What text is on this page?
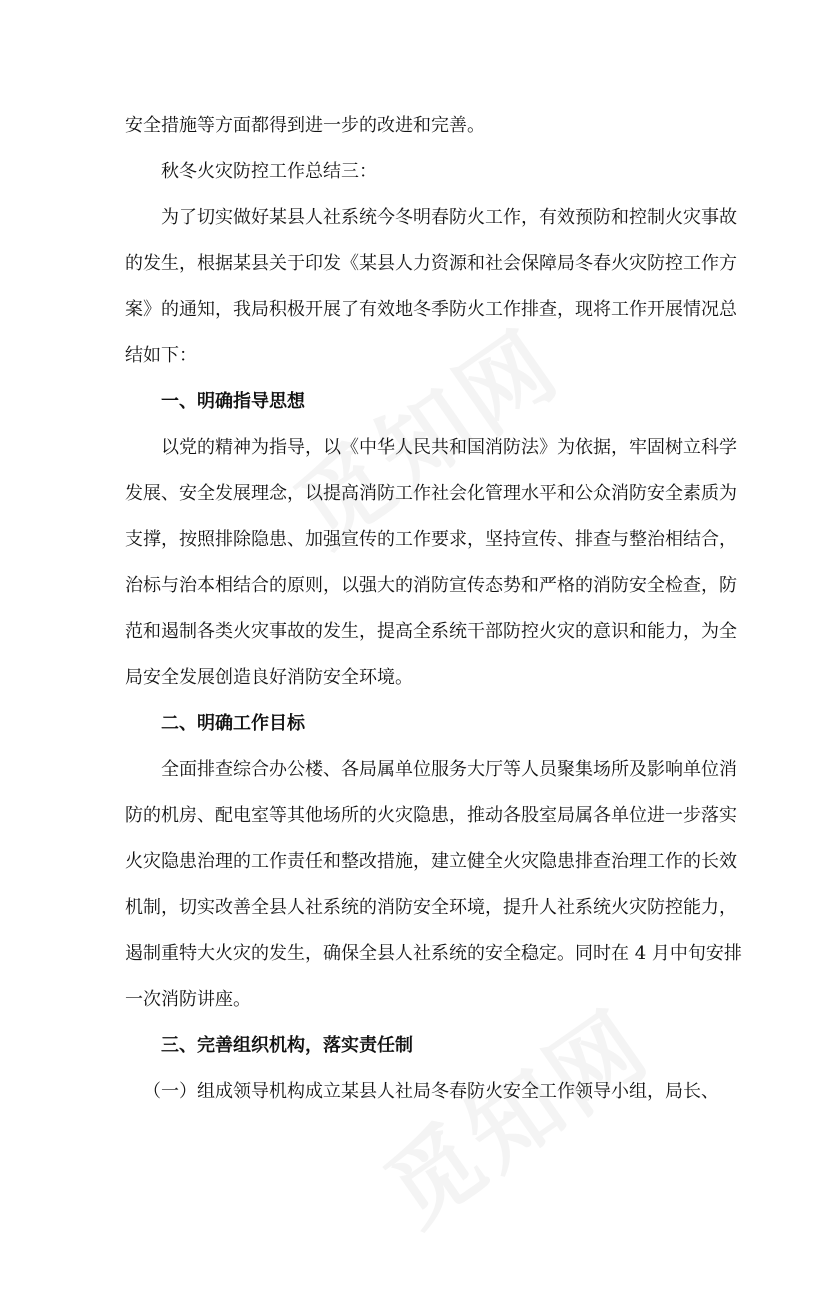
安全措施等方面都得到进一步的改进和完善。

秋冬火灾防控工作总结三：

为了切实做好某县人社系统今冬明春防火工作，有效预防和控制火灾事故

的发生，根据某县关于印发《某县人力资源和社会保障局冬春火灾防控工作方

案》的通知，我局积极开展了有效地冬季防火工作排查，现将工作开展情况总

结如下：

一、明确指导思想

以党的精神为指导，以《中华人民共和国消防法》为依据，牢固树立科学

发展、安全发展理念，以提高消防工作社会化管理水平和公众消防安全素质为

支撑，按照排除隐患、加强宣传的工作要求，坚持宣传、排查与整治相结合，

治标与治本相结合的原则，以强大的消防宣传态势和严格的消防安全检查，防

范和遏制各类火灾事故的发生，提高全系统干部防控火灾的意识和能力，为全

局安全发展创造良好消防安全环境。

二、明确工作目标

全面排查综合办公楼、各局属单位服务大厅等人员聚集场所及影响单位消

防的机房、配电室等其他场所的火灾隐患，推动各股室局属各单位进一步落实

火灾隐患治理的工作责任和整改措施，建立健全火灾隐患排查治理工作的长效

机制，切实改善全县人社系统的消防安全环境，提升人社系统火灾防控能力，

遏制重特大火灾的发生，确保全县人社系统的安全稳定。同时在 4 月中旬安排

一次消防讲座。

三、完善组织机构，落实责任制

（一）组成领导机构成立某县人社局冬春防火安全工作领导小组，局长、
